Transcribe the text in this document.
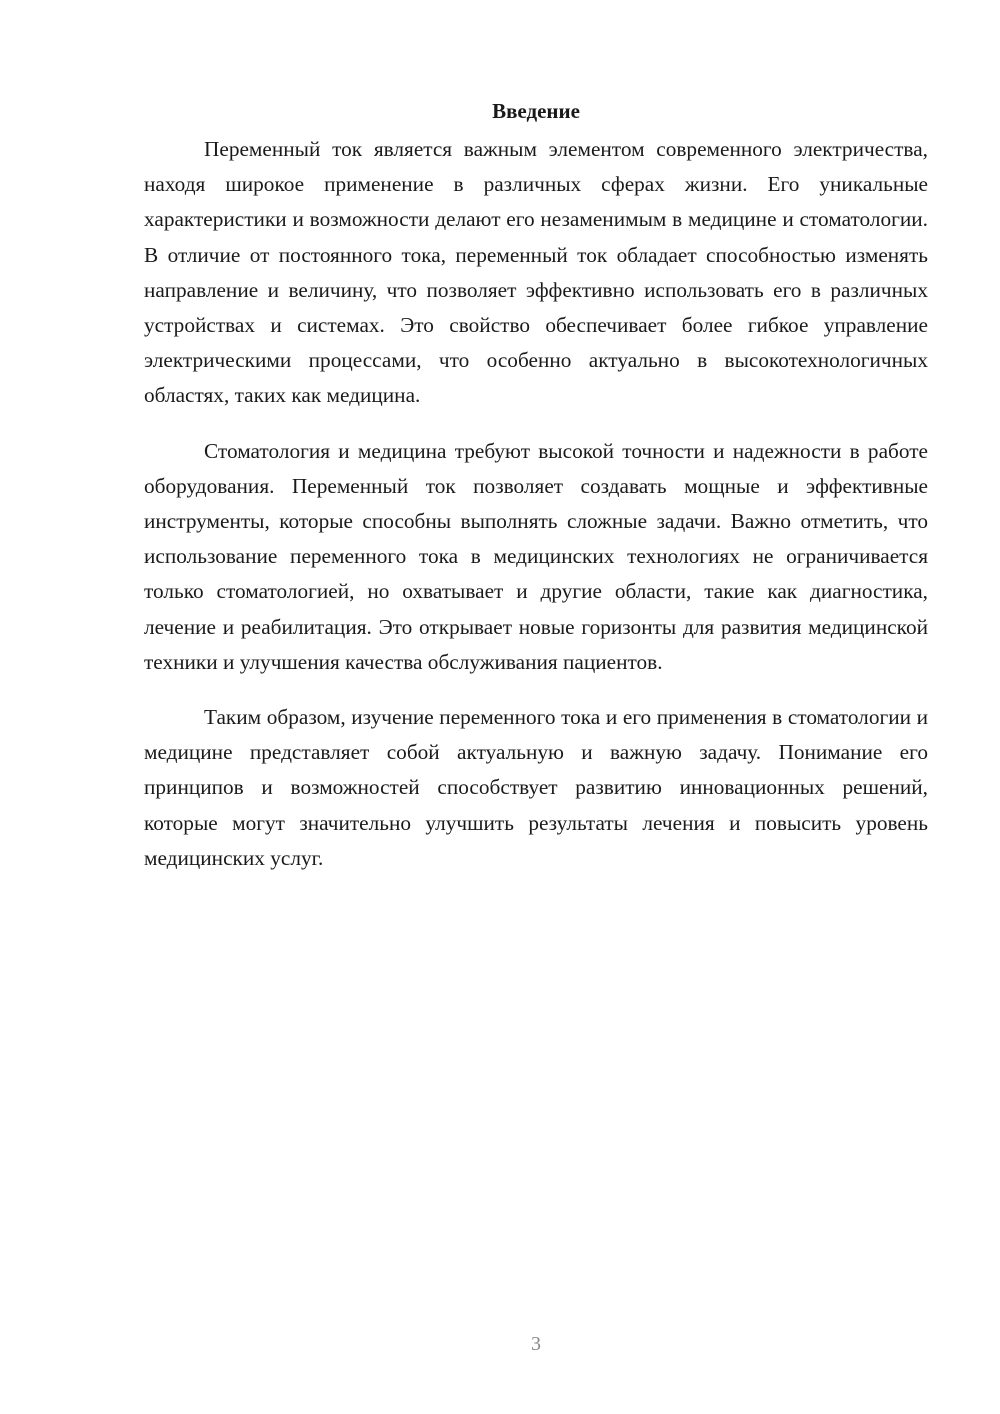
Введение

Переменный ток является важным элементом современного электричества, находя широкое применение в различных сферах жизни. Его уникальные характеристики и возможности делают его незаменимым в медицине и стоматологии. В отличие от постоянного тока, переменный ток обладает способностью изменять направление и величину, что позволяет эффективно использовать его в различных устройствах и системах. Это свойство обеспечивает более гибкое управление электрическими процессами, что особенно актуально в высокотехнологичных областях, таких как медицина.

Стоматология и медицина требуют высокой точности и надежности в работе оборудования. Переменный ток позволяет создавать мощные и эффективные инструменты, которые способны выполнять сложные задачи. Важно отметить, что использование переменного тока в медицинских технологиях не ограничивается только стоматологией, но охватывает и другие области, такие как диагностика, лечение и реабилитация. Это открывает новые горизонты для развития медицинской техники и улучшения качества обслуживания пациентов.

Таким образом, изучение переменного тока и его применения в стоматологии и медицине представляет собой актуальную и важную задачу. Понимание его принципов и возможностей способствует развитию инновационных решений, которые могут значительно улучшить результаты лечения и повысить уровень медицинских услуг.

3
